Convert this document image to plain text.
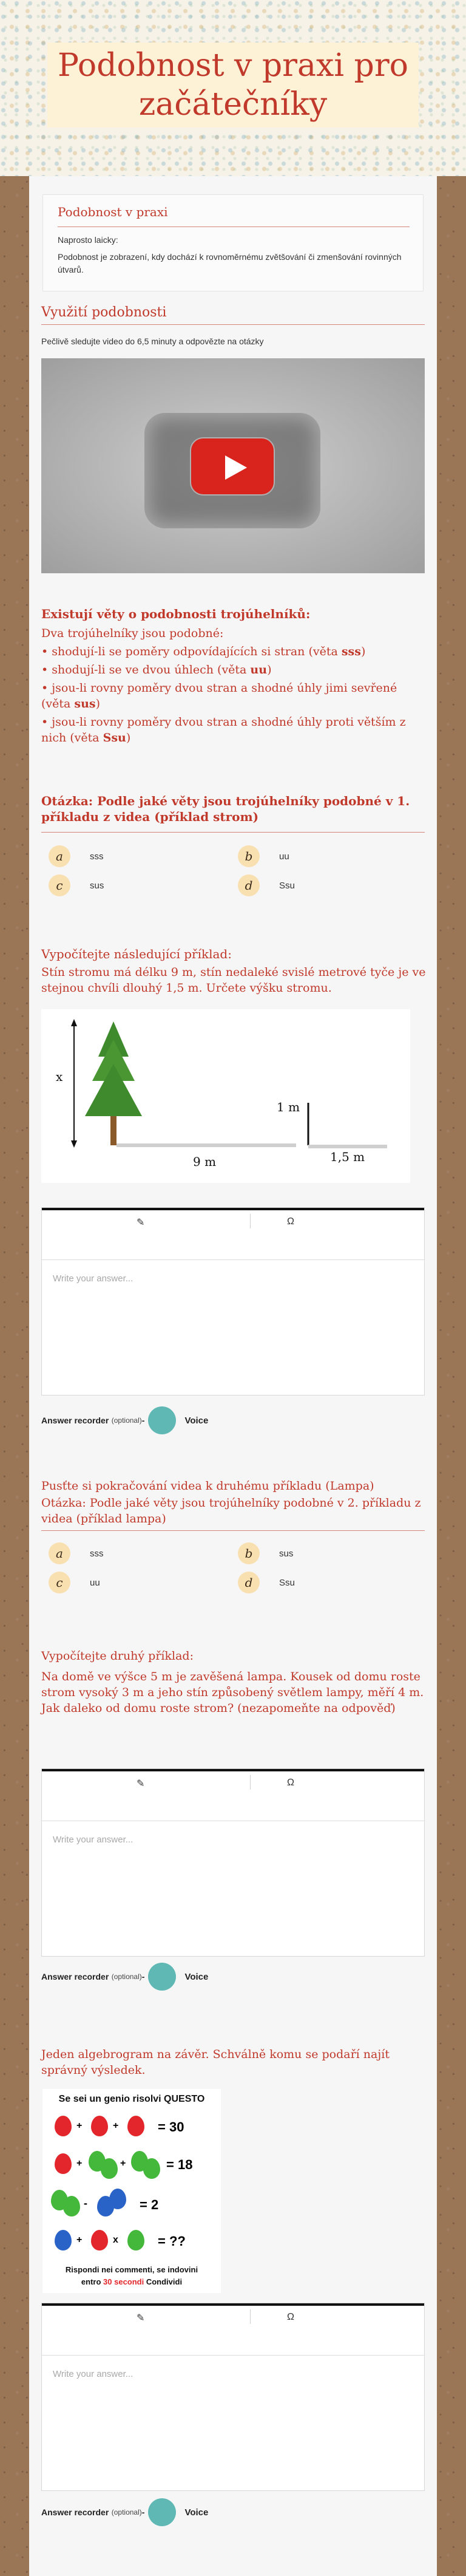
Podobnost v praxi pro začátečníky
Podobnost v praxi
Naprosto laicky:
Podobnost je zobrazení, kdy dochází k rovnoměrnému zvětšování či zmenšování rovinných útvarů.
Využití podobnosti
Pečlivě sledujte video do 6,5 minuty a odpovězte na otázky
Existují věty o podobnosti trojúhelníků:
Dva trojúhelníky jsou podobné:
• shodují-li se poměry odpovídajících si stran (věta sss)
• shodují-li se ve dvou úhlech (věta uu)
• jsou-li rovny poměry dvou stran a shodné úhly jimi sevřené (věta sus)
• jsou-li rovny poměry dvou stran a shodné úhly proti větším z nich (věta Ssu)
Otázka: Podle jaké věty jsou trojúhelníky podobné v 1. příkladu z videa (příklad strom)
a	sss	b	uu
c	sus	d	Ssu
Vypočítejte následující příklad:
Stín stromu má délku 9 m, stín nedaleké svislé metrové tyče je ve stejnou chvíli dlouhý 1,5 m. Určete výšku stromu.
x
9 m
1 m
1,5 m
✎	Ω
Write your answer...
Answer recorder
(optional) -	Voice
Pusťte si pokračování videa k druhému příkladu (Lampa)
Otázka: Podle jaké věty jsou trojúhelníky podobné v 2. příkladu z videa (příklad lampa)
a	sss	b	sus
c	uu	d	Ssu
Vypočítejte druhý příklad:
Na domě ve výšce 5 m je zavěšená lampa. Kousek od domu roste strom vysoký 3 m a jeho stín způsobený světlem lampy, měří 4 m. Jak daleko od domu roste strom? (nezapomeňte na odpověď)
✎	Ω
Write your answer...
Answer recorder
(optional) -	Voice
Jeden algebrogram na závěr. Schválně komu se podaří najít správný výsledek.
Se sei un genio risolvi QUESTO
+	+	= 30
+	+	= 18
-	= 2
+	x	= ??
Rispondi nei commenti, se indovini
entro 30 secondi Condividi
✎	Ω
Write your answer...
Answer recorder
(optional) -	Voice
